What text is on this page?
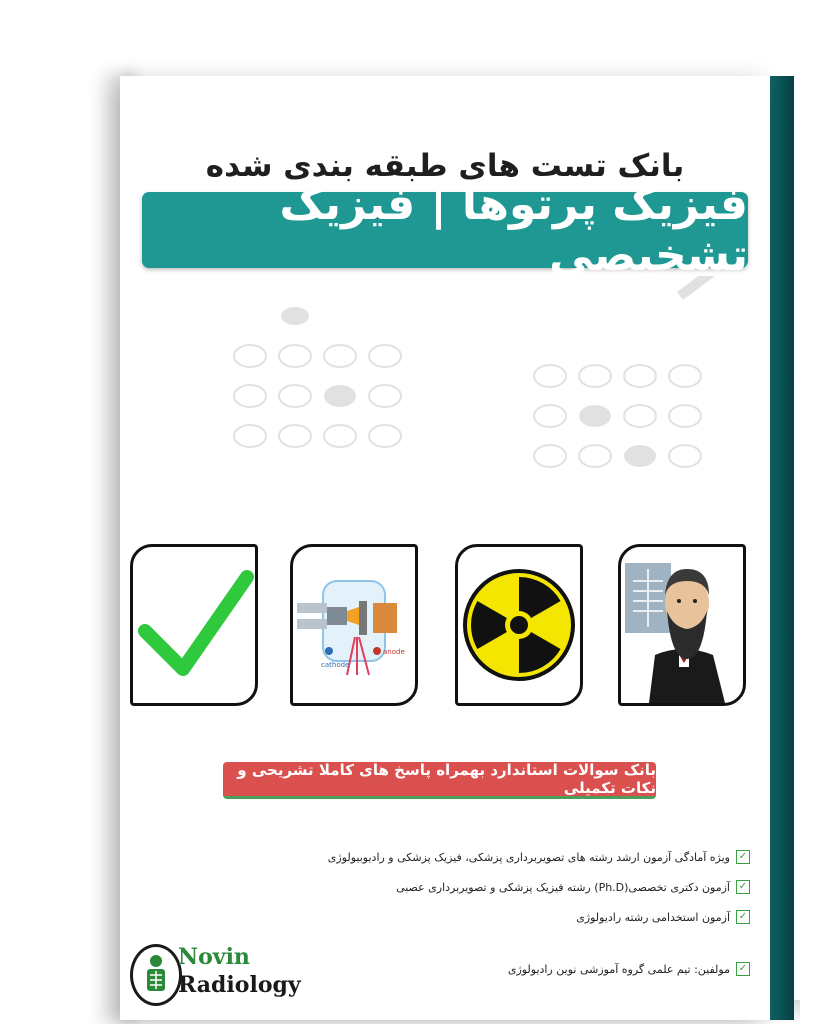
بانک تست های طبقه بندی شده
فیزیک پرتوها | فیزیک تشخیصی
cathode
anode
بانک سوالات استاندارد بهمراه پاسخ های کاملا تشریحی و نکات تکمیلی
✓
ویژه آمادگی آزمون ارشد رشته های تصویربرداری پزشکی، فیزیک پزشکی و رادیوبیولوژی
✓
آزمون دکتری تخصصی(Ph.D) رشته فیزیک پزشکی و تصویربرداری عصبی
✓
آزمون استخدامی رشته رادیولوژی
✓
مولفین: تیم علمی گروه آموزشی نوین رادیولوژی
Novin
Radiology
